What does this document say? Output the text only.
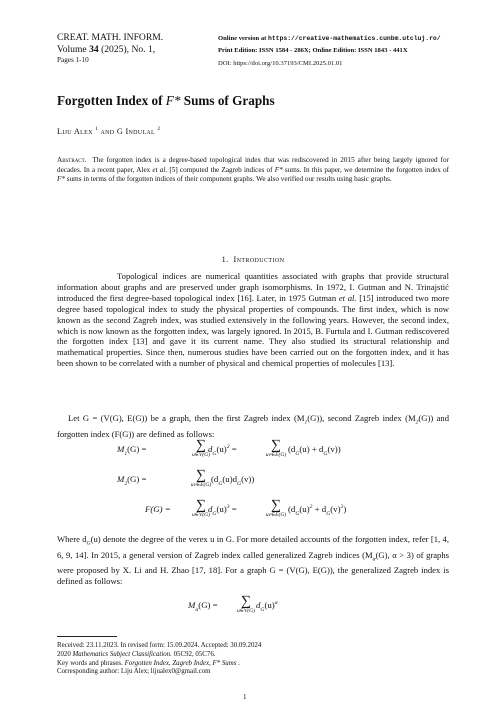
CREAT. MATH. INFORM.
Volume 34 (2025), No. 1,
Pages 1-10
Online version at https://creative-mathematics.cunbm.utcluj.ro/
Print Edition: ISSN 1584 - 286X; Online Edition: ISSN 1843 - 441X
DOI: https://doi.org/10.37193/CMI.2025.01.01
Forgotten Index of F* Sums of Graphs
Liju Alex $^1$ and G Indulal $^2$
Abstract. The forgotten index is a degree-based topological index that was rediscovered in 2015 after being largely ignored for decades. In a recent paper, Alex et al. [5] computed the Zagreb indices of F* sums. In this paper, we determine the forgotten index of F* sums in terms of the forgotten indices of their component graphs. We also verified our results using basic graphs.
1. Introduction
Topological indices are numerical quantities associated with graphs that provide structural information about graphs and are preserved under graph isomorphisms. In 1972, I. Gutman and N. Trinajstić introduced the first degree-based topological index [16]. Later, in 1975 Gutman et al. [15] introduced two more degree based topological index to study the physical properties of compounds. The first index, which is now known as the second Zagreb index, was studied extensively in the following years. However, the second index, which is now known as the forgotten index, was largely ignored. In 2015, B. Furtula and I. Gutman rediscovered the forgotten index [13] and gave it its current name. They also studied its structural relationship and mathematical properties. Since then, numerous studies have been carried out on the forgotten index, and it has been shown to be correlated with a number of physical and chemical properties of molecules [13].
Let G = (V(G), E(G)) be a graph, then the first Zagreb index $(M_1(G))$, second Zagreb index $(M_2(G))$ and forgotten index (F(G)) are defined as follows:
$M_1(G)$ =	∑
u∈V(G)
$d_G(u)^2$ =	∑
uv∈E(G)
$(d_G(u) + d_G(v))$
$M_2(G)$ =	∑
uv∈E(G)
$(d_G(u)d_G(v))$
F(G) =	∑
u∈V(G)
$d_G(u)^3$ =	∑
uv∈E(G)
$(d_G(u)^2 + d_G(v)^2)$
Where $d_G(u)$ denote the degree of the verex u in G. For more detailed accounts of the forgotten index, refer [1, 4, 6, 9, 14]. In 2015, a general version of Zagreb index called generalized Zagreb indices ($M_\alpha(G)$, α > 3) of graphs were proposed by X. Li and H. Zhao [17, 18]. For a graph G = (V(G), E(G)), the generalized Zagreb index is defined as follows:
$M_\alpha(G)$ =	∑
u∈V(G)
$d_G(u)^\alpha$
Received: 23.11.2023. In revised form: 15.09.2024. Accepted: 30.09.2024
2020 Mathematics Subject Classification. 05C92, 05C76.
Key words and phrases. Forgotten Index, Zagreb Index, F* Sums .
Corresponding author: Liju Alex; lijualex0@gmail.com
1
